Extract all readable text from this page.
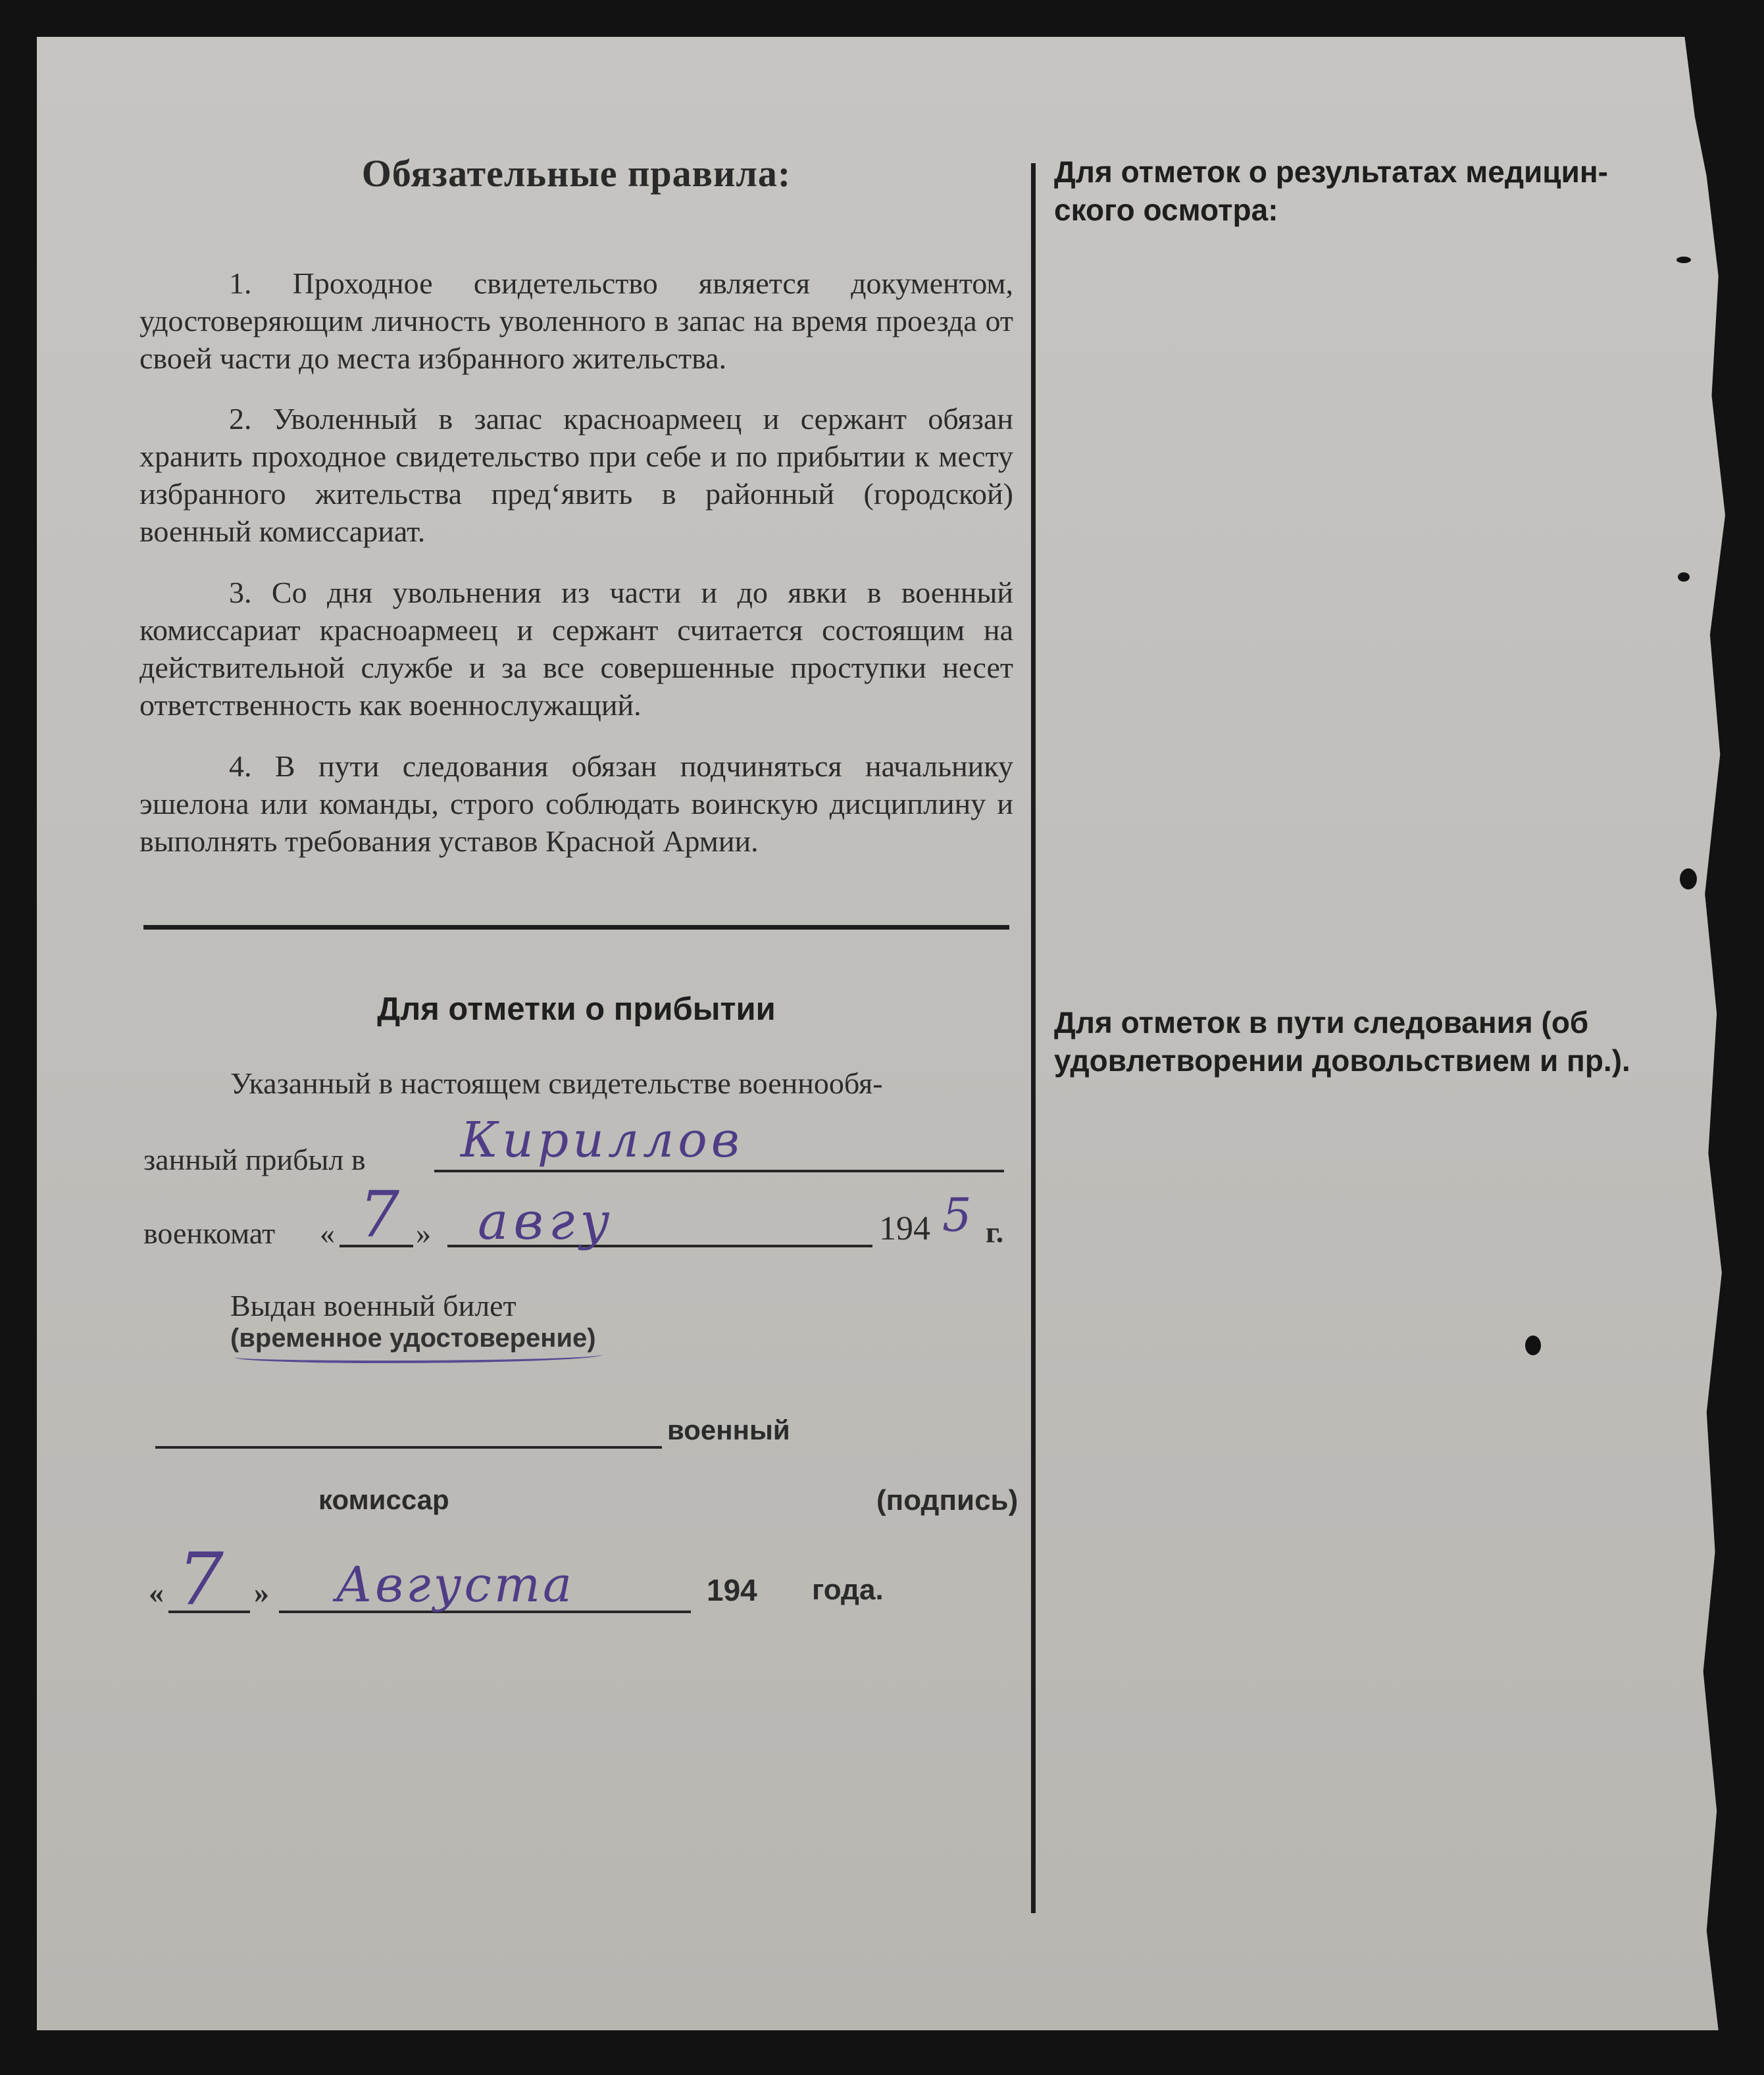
Обязательные правила:
1. Проходное свидетельство является документом, удостоверяющим личность уволенного в запас на время проезда от своей части до места избранного жительства.
2. Уволенный в запас красноармеец и сержант обязан хранить проходное свидетельство при себе и по прибытии к месту избранного жительства пред‘явить в районный (городской) военный комиссариат.
3. Со дня увольнения из части и до явки в военный комиссариат красноармеец и сержант считается состоящим на действительной службе и за все совершенные проступки несет ответственность как военнослужащий.
4. В пути следования обязан подчиняться начальнику эшелона или команды, строго соблюдать воинскую дисциплину и выполнять требования уставов Красной Армии.
Для отметки о прибытии
Указанный в настоящем свидетельстве военнообя-
занный прибыл в Кириллов
военкомат « 7 » авгу	194 5 г.
Выдан военный билет
(временное удостоверение)
военный
комиссар	(подпись)
« 7 » Августа	194 года.
Для отметок о результатах медицин-
ского осмотра:
Для отметок в пути следования (об
удовлетворении довольствием и пр.).
